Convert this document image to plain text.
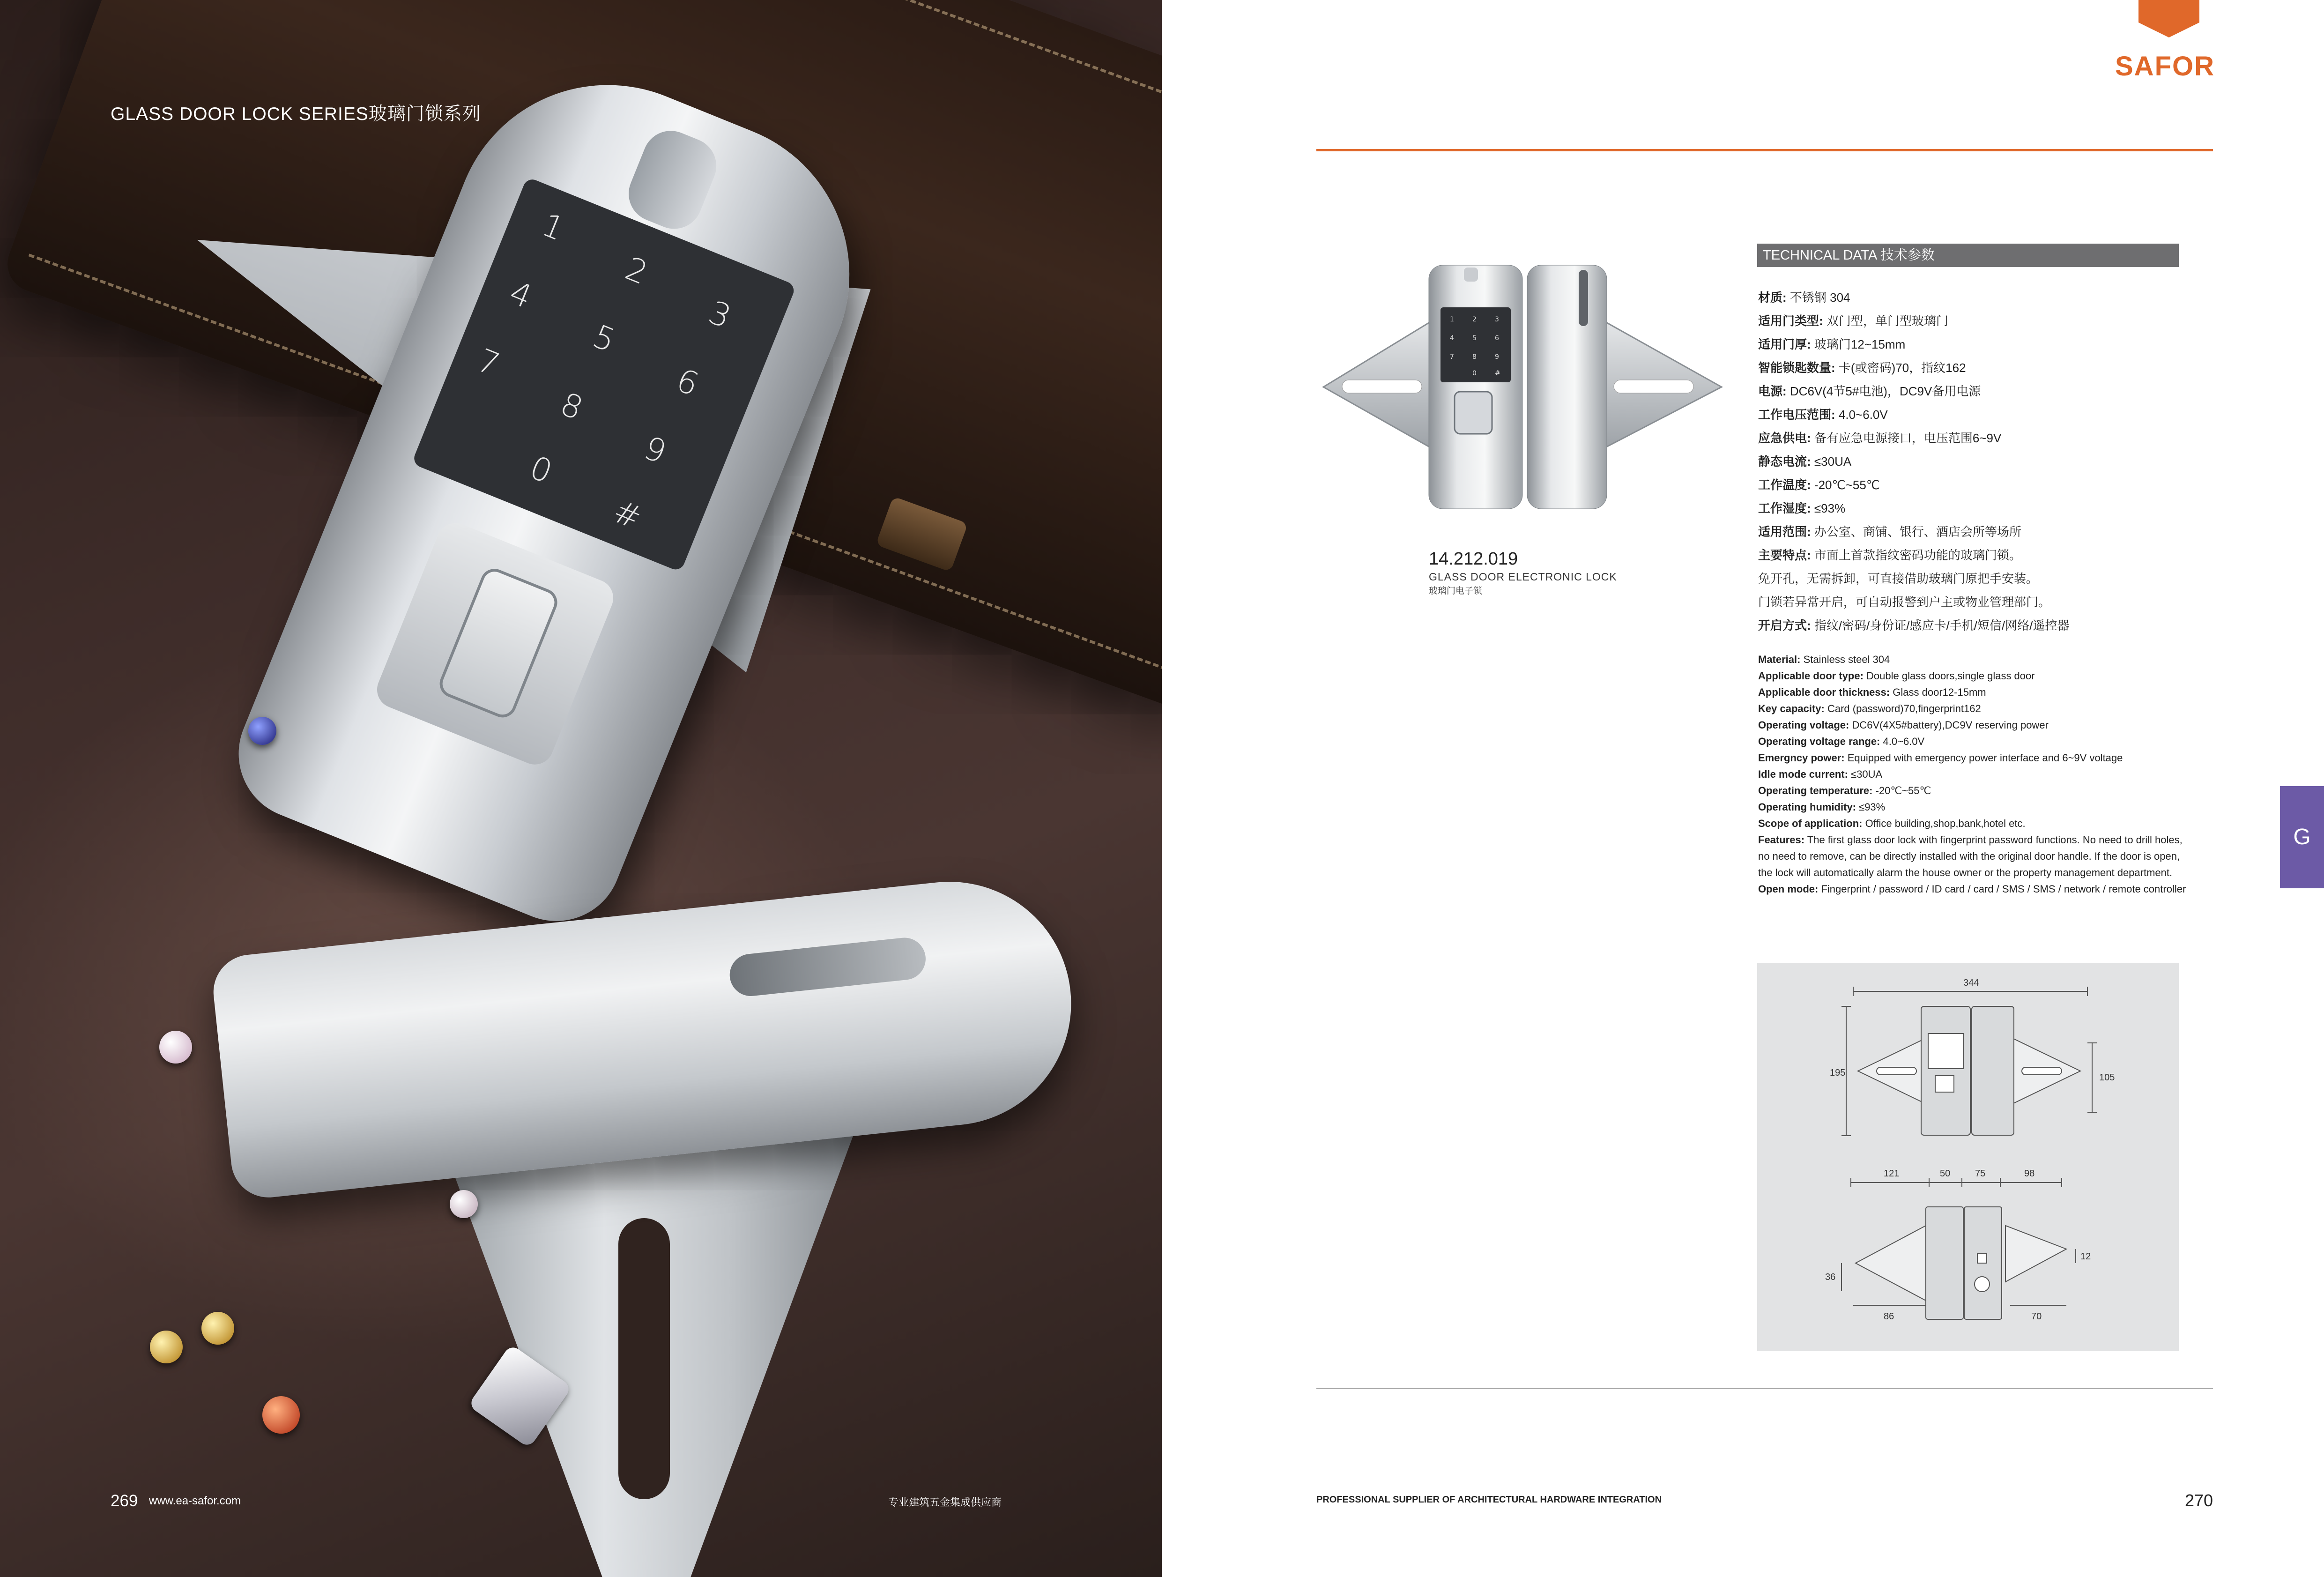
1
2
3
4
5
6
7
8
9
0
#
GLASS DOOR LOCK SERIES玻璃门锁系列
269 www.ea-safor.com	专业建筑五金集成供应商
SAFOR
1	2	3
4	5	6
7	8	9
0	#
14.212.019
GLASS DOOR ELECTRONIC LOCK
玻璃门电子锁
TECHNICAL DATA 技术参数
材质: 不锈钢 304
适用门类型: 双门型，单门型玻璃门
适用门厚: 玻璃门12~15mm
智能锁匙数量: 卡(或密码)70，指纹162
电源: DC6V(4节5#电池)，DC9V备用电源
工作电压范围: 4.0~6.0V
应急供电: 备有应急电源接口，电压范围6~9V
静态电流: ≤30UA
工作温度: -20℃~55℃
工作湿度: ≤93%
适用范围: 办公室、商铺、银行、酒店会所等场所
主要特点: 市面上首款指纹密码功能的玻璃门锁。
免开孔，无需拆卸，可直接借助玻璃门原把手安装。
门锁若异常开启，可自动报警到户主或物业管理部门。
开启方式: 指纹/密码/身份证/感应卡/手机/短信/网络/遥控器
Material: Stainless steel 304
Applicable door type: Double glass doors,single glass door
Applicable door thickness: Glass door12-15mm
Key capacity: Card (password)70,fingerprint162
Operating voltage: DC6V(4X5#battery),DC9V reserving power
Operating voltage range: 4.0~6.0V
Emergncy power: Equipped with emergency power interface and 6~9V voltage
Idle mode current: ≤30UA
Operating temperature: -20℃~55℃
Operating humidity: ≤93%
Scope of application: Office building,shop,bank,hotel etc.
Features: The first glass door lock with fingerprint password functions. No need to drill holes, no need to remove, can be directly installed with the original door handle. If the door is open, the lock will automatically alarm the house owner or the property management department.
Open mode: Fingerprint / password / ID card / card / SMS / SMS / network / remote controller
G
344
195	105
121	50	75	98
36
12
86	70
PROFESSIONAL SUPPLIER OF ARCHITECTURAL HARDWARE INTEGRATION	270
